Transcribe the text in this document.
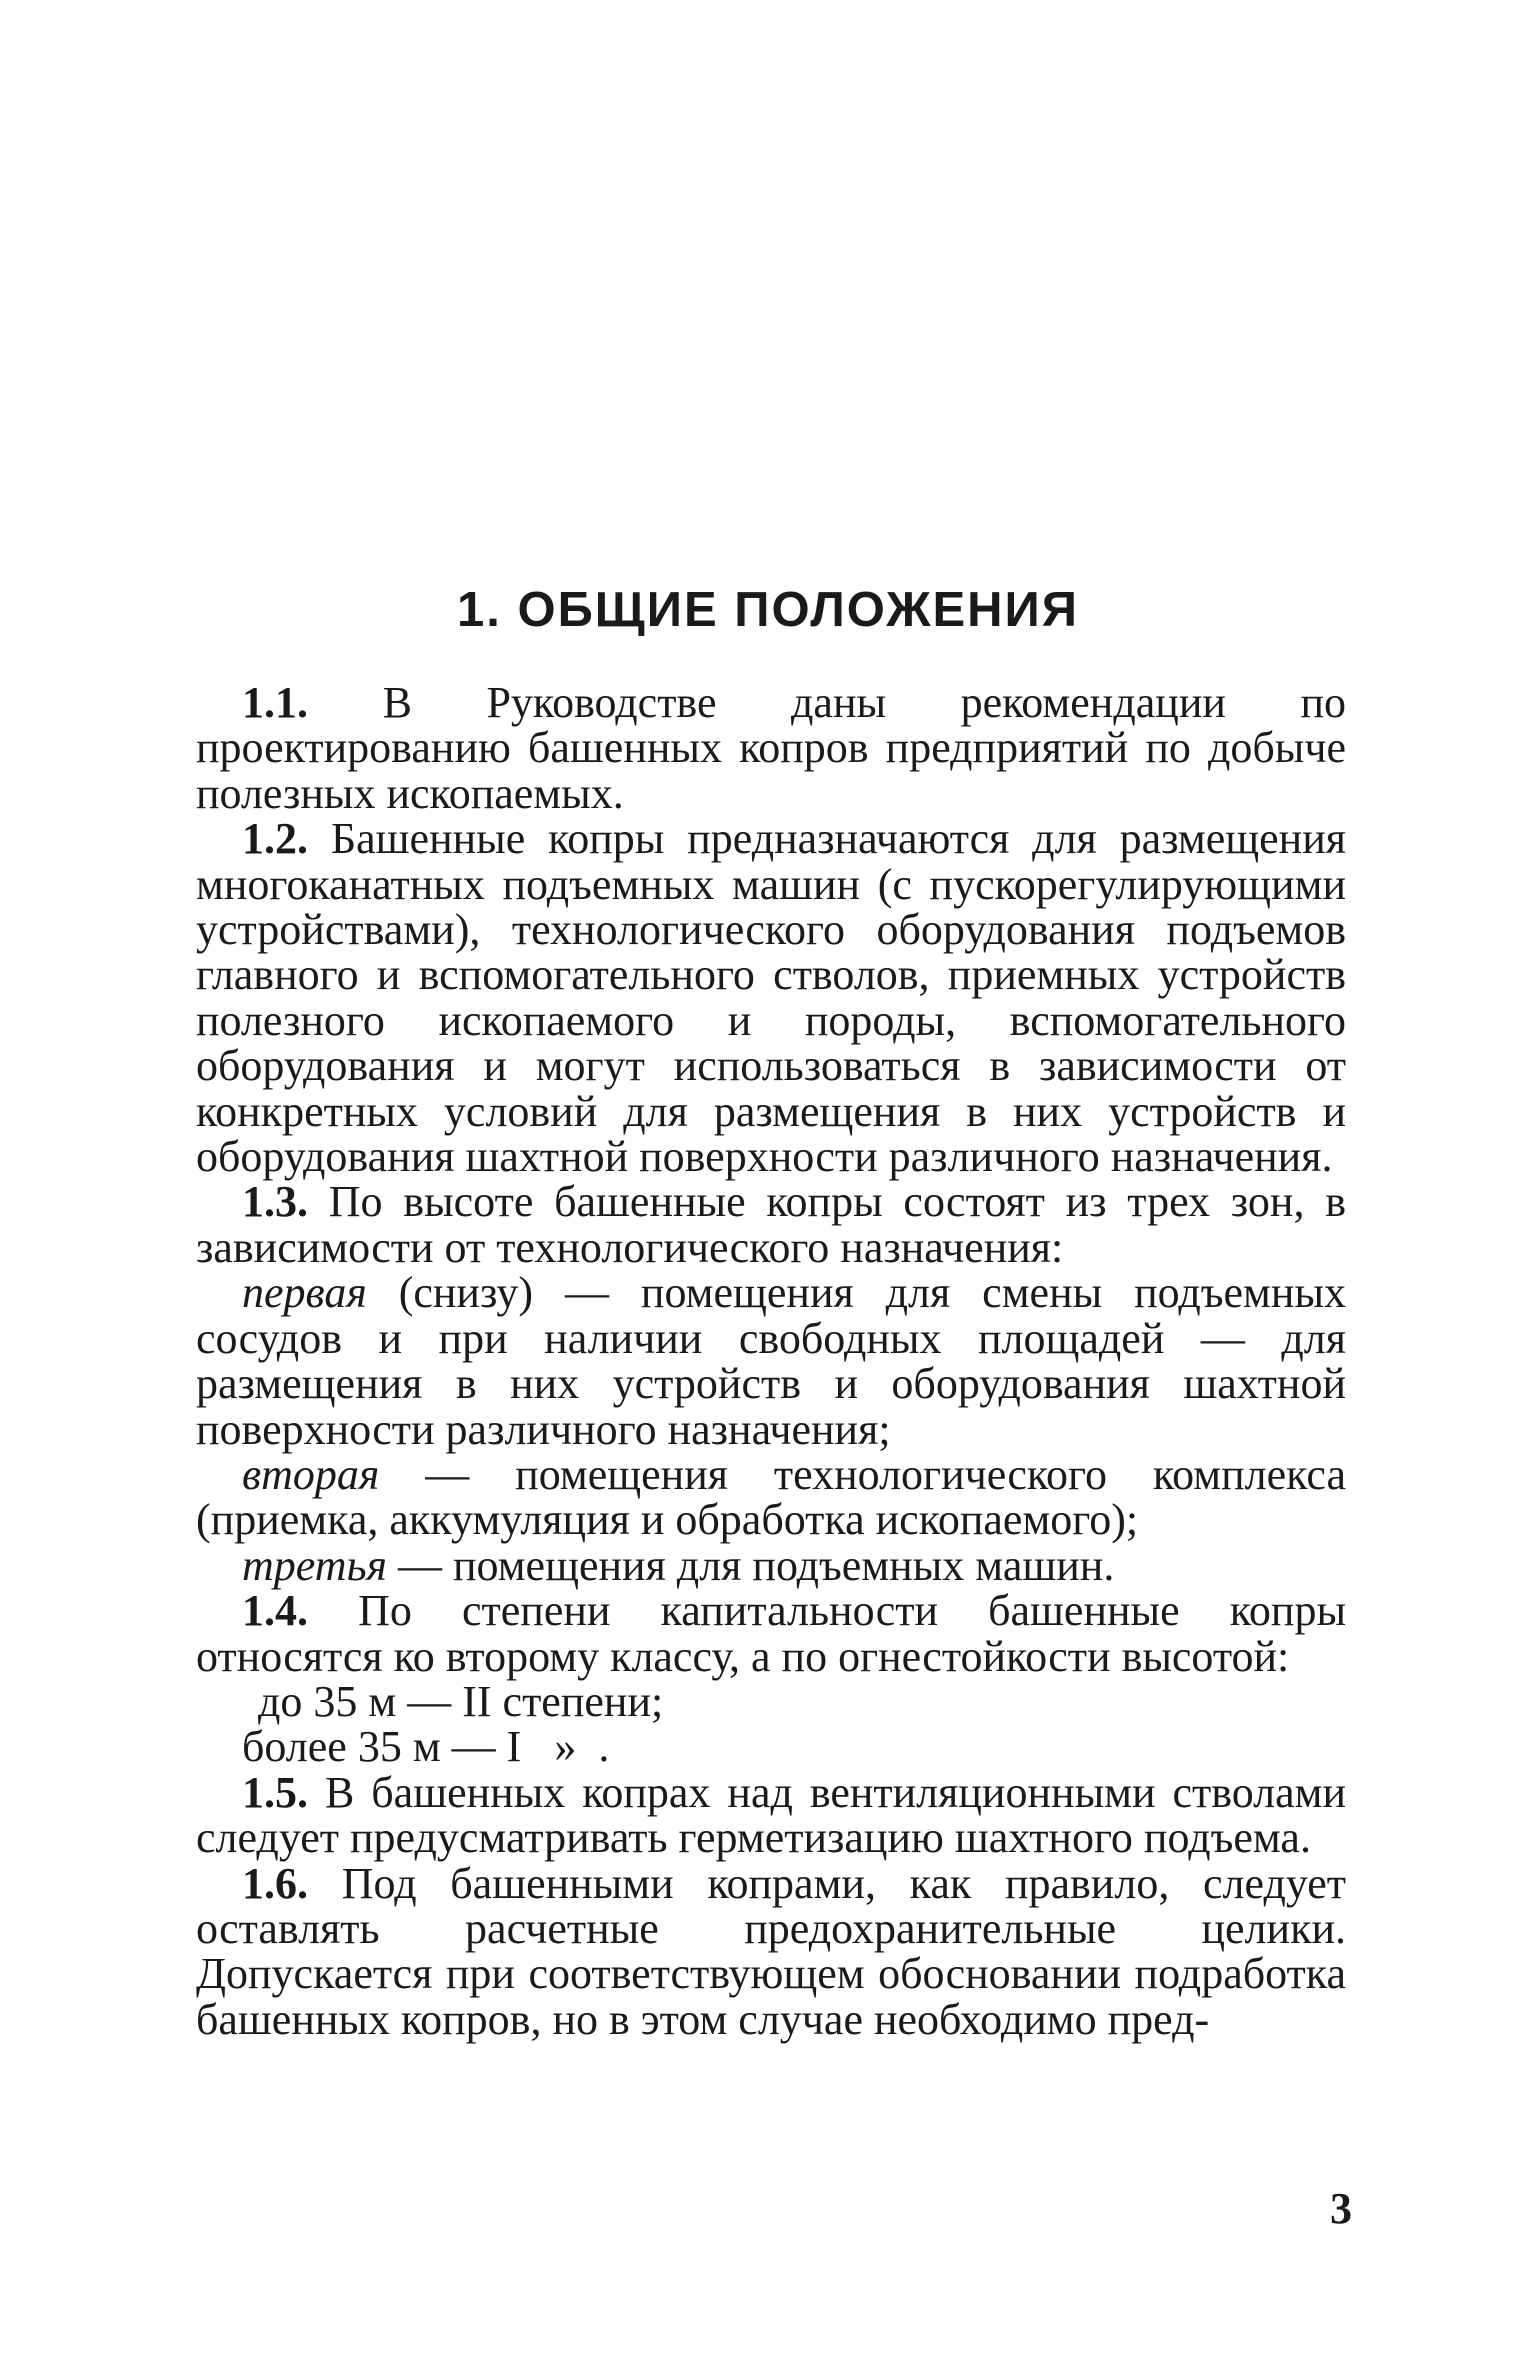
1. ОБЩИЕ ПОЛОЖЕНИЯ

1.1. В Руководстве даны рекомендации по проектированию башенных копров предприятий по добыче полезных ископаемых.

1.2. Башенные копры предназначаются для размещения многоканатных подъемных машин (с пускорегулирующими устройствами), технологического оборудования подъемов главного и вспомогательного стволов, приемных устройств полезного ископаемого и породы, вспомогательного оборудования и могут использоваться в зависимости от конкретных условий для размещения в них устройств и оборудования шахтной поверхности различного назначения.

1.3. По высоте башенные копры состоят из трех зон, в зависимости от технологического назначения:

первая (снизу) — помещения для смены подъемных сосудов и при наличии свободных площадей — для размещения в них устройств и оборудования шахтной поверхности различного назначения;

вторая — помещения технологического комплекса (приемка, аккумуляция и обработка ископаемого);

третья — помещения для подъемных машин.

1.4. По степени капитальности башенные копры относятся ко второму классу, а по огнестойкости высотой:

до 35 м — II степени;

более 35 м — I   »  .

1.5. В башенных копрах над вентиляционными стволами следует предусматривать герметизацию шахтного подъема.

1.6. Под башенными копрами, как правило, следует оставлять расчетные предохранительные целики. Допускается при соответствующем обосновании подработка башенных копров, но в этом случае необходимо пред-

3
